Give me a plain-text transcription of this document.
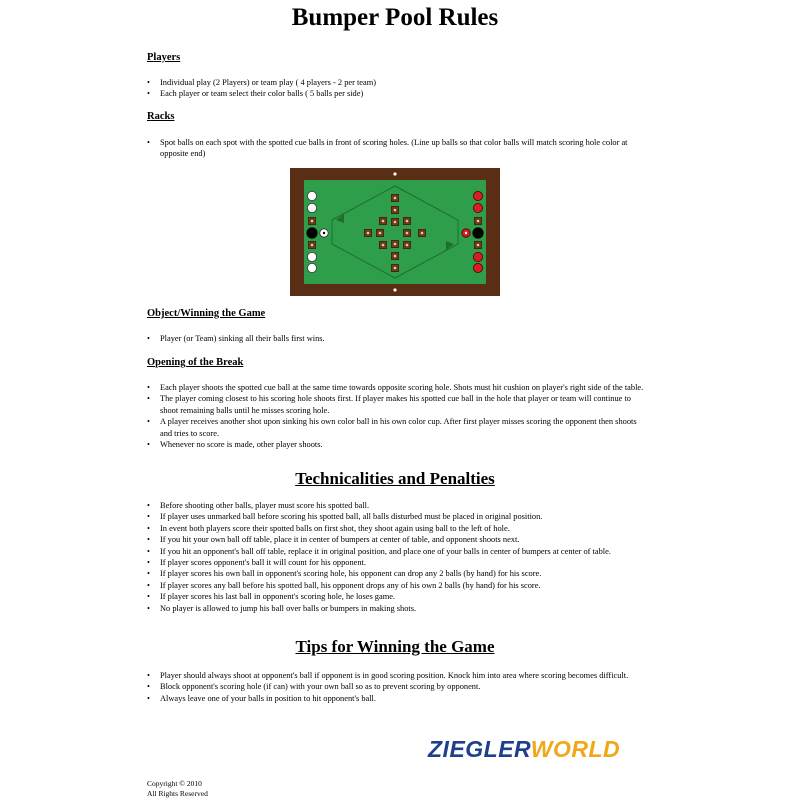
Bumper Pool Rules
Players
• Individual play (2 Players) or team play ( 4 players - 2 per team)
• Each player or team select their color balls ( 5 balls per side)
Racks
• Spot balls on each spot with the spotted cue balls in front of scoring holes. (Line up balls so that color balls will match scoring hole color at opposite end)
Object/Winning the Game
• Player (or Team) sinking all their balls first wins.
Opening of the Break
• Each player shoots the spotted cue ball at the same time towards opposite scoring hole. Shots must hit cushion on player's right side of the table.
• The player coming closest to his scoring hole shoots first. If player makes his spotted cue ball in the hole that player or team will continue to shoot remaining balls until he misses scoring hole.
• A player receives another shot upon sinking his own color ball in his own color cup. After first player misses scoring the opponent then shoots and tries to score.
• Whenever no score is made, other player shoots.
Technicalities and Penalties
• Before shooting other balls, player must score his spotted ball.
• If player uses unmarked ball before scoring his spotted ball, all balls disturbed must be placed in original position.
• In event both players score their spotted balls on first shot, they shoot again using ball to the left of hole.
• If you hit your own ball off table, place it in center of bumpers at center of table, and opponent shoots next.
• If you hit an opponent's ball off table, replace it in original position, and place one of your balls in center of bumpers at center of table.
• If player scores opponent's ball it will count for his opponent.
• If player scores his own ball in opponent's scoring hole, his opponent can drop any 2 balls (by hand) for his score.
• If player scores any ball before his spotted ball, his opponent drops any of his own 2 balls (by hand) for his score.
• If player scores his last ball in opponent's scoring hole, he loses game.
• No player is allowed to jump his ball over balls or bumpers in making shots.
Tips for Winning the Game
• Player should always shoot at opponent's ball if opponent is in good scoring position. Knock him into area where scoring becomes difficult.
• Block opponent's scoring hole (if can) with your own ball so as to prevent scoring by opponent.
• Always leave one of your balls in position to hit opponent's ball.
ZIEGLERWORLD
Copyright © 2010
All Rights Reserved
